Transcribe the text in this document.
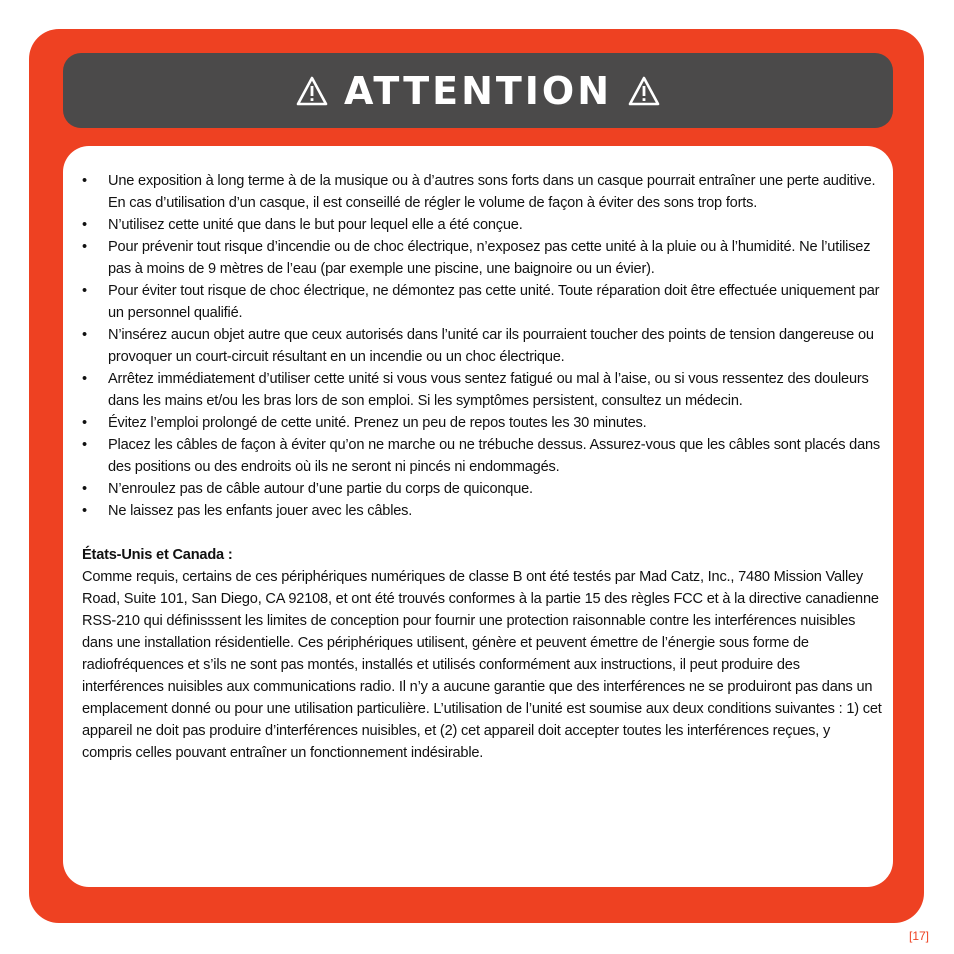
ATTENTION
• Une exposition à long terme à de la musique ou à d’autres sons forts dans un casque pourrait entraîner une perte auditive. En cas d’utilisation d’un casque, il est conseillé de régler le volume de façon à éviter des sons trop forts.
• N’utilisez cette unité que dans le but pour lequel elle a été conçue.
• Pour prévenir tout risque d’incendie ou de choc électrique, n’exposez pas cette unité à la pluie ou à l’humidité. Ne l’utilisez pas à moins de 9 mètres de l’eau (par exemple une piscine, une baignoire ou un évier).
• Pour éviter tout risque de choc électrique, ne démontez pas cette unité. Toute réparation doit être effectuée uniquement par un personnel qualifié.
• N’insérez aucun objet autre que ceux autorisés dans l’unité car ils pourraient toucher des points de tension dangereuse ou provoquer un court-circuit résultant en un incendie ou un choc électrique.
• Arrêtez immédiatement d’utiliser cette unité si vous vous sentez fatigué ou mal à l’aise, ou si vous ressentez des douleurs dans les mains et/ou les bras lors de son emploi. Si les symptômes persistent, consultez un médecin.
• Évitez l’emploi prolongé de cette unité. Prenez un peu de repos toutes les 30 minutes.
• Placez les câbles de façon à éviter qu’on ne marche ou ne trébuche dessus. Assurez-vous que les câbles sont placés dans des positions ou des endroits où ils ne seront ni pincés ni endommagés.
• N’enroulez pas de câble autour d’une partie du corps de quiconque.
• Ne laissez pas les enfants jouer avec les câbles.

États-Unis et Canada :

Comme requis, certains de ces périphériques numériques de classe B ont été testés par Mad Catz, Inc., 7480 Mission Valley Road, Suite 101, San Diego, CA 92108, et ont été trouvés conformes à la partie 15 des règles FCC et à la directive canadienne RSS-210 qui définisssent les limites de conception pour fournir une protection raisonnable contre les interférences nuisibles dans une installation résidentielle. Ces périphériques utilisent, génère et peuvent émettre de l’énergie sous forme de radiofréquences et s’ils ne sont pas montés, installés et utilisés conformément aux instructions, il peut produire des interférences nuisibles aux communications radio. Il n’y a aucune garantie que des interférences ne se produiront pas dans un emplacement donné ou pour une utilisation particulière. L’utilisation de l’unité est soumise aux deux conditions suivantes : 1) cet appareil ne doit pas produire d’interférences nuisibles, et (2) cet appareil doit accepter toutes les interférences reçues, y compris celles pouvant entraîner un fonctionnement indésirable.

[17]
